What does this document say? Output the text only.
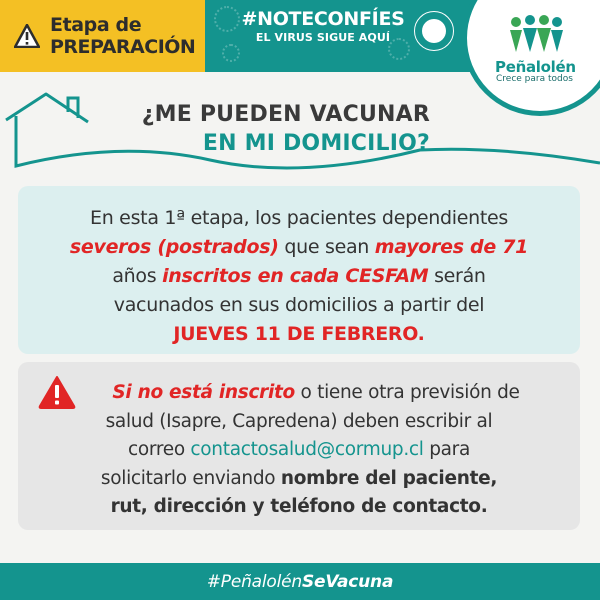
Etapa de
PREPARACIÓN
#NOTECONFÍES
EL VIRUS SIGUE AQUÍ
Peñalolén
Crece para todos
¿ME PUEDEN VACUNAR
EN MI DOMICILIO?

En esta 1ª etapa, los pacientes dependientes
severos (postrados) que sean mayores de 71
años inscritos en cada CESFAM serán
vacunados en sus domicilios a partir del
JUEVES 11 DE FEBRERO.

Si no está inscrito o tiene otra previsión de
salud (Isapre, Capredena) deben escribir al
correo contactosalud@cormup.cl para
solicitarlo enviando nombre del paciente,
rut, dirección y teléfono de contacto.

#PeñalolénSeVacuna
